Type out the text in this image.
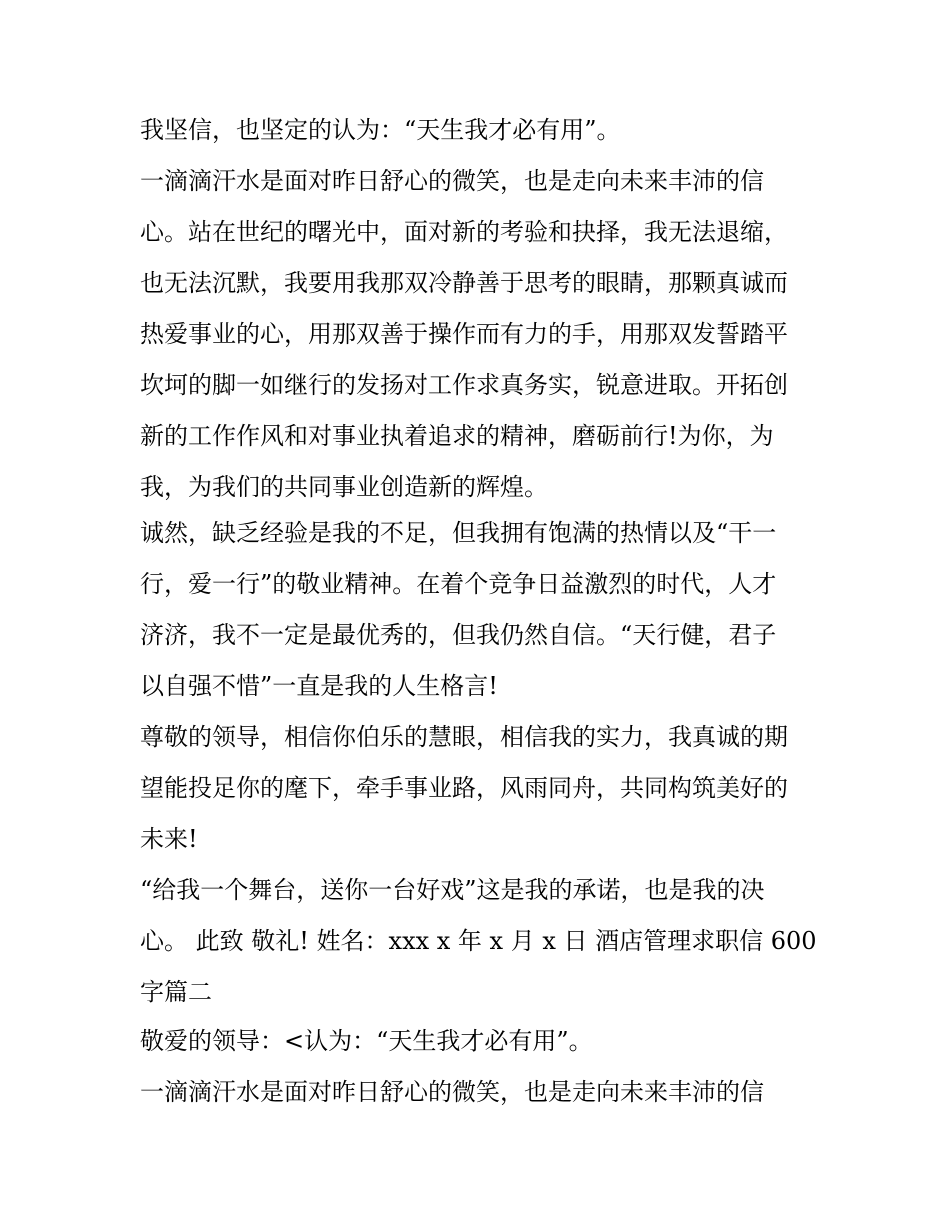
我坚信，也坚定的认为：“天生我才必有用”。

一滴滴汗水是面对昨日舒心的微笑，也是走向未来丰沛的信

心。站在世纪的曙光中，面对新的考验和抉择，我无法退缩，

也无法沉默，我要用我那双冷静善于思考的眼睛，那颗真诚而

热爱事业的心，用那双善于操作而有力的手，用那双发誓踏平

坎坷的脚一如继行的发扬对工作求真务实，锐意进取。开拓创

新的工作作风和对事业执着追求的精神，磨砺前行!为你，为

我，为我们的共同事业创造新的辉煌。

诚然，缺乏经验是我的不足，但我拥有饱满的热情以及“干一

行，爱一行”的敬业精神。在着个竞争日益激烈的时代，人才

济济，我不一定是最优秀的，但我仍然自信。“天行健，君子

以自强不惜”一直是我的人生格言!

尊敬的领导，相信你伯乐的慧眼，相信我的实力，我真诚的期

望能投足你的麾下，牵手事业路，风雨同舟，共同构筑美好的

未来!

“给我一个舞台，送你一台好戏”这是我的承诺，也是我的决

心。 此致 敬礼! 姓名：xxx x 年 x 月 x 日 酒店管理求职信 600

字篇二

敬爱的领导：<认为：“天生我才必有用”。

一滴滴汗水是面对昨日舒心的微笑，也是走向未来丰沛的信
